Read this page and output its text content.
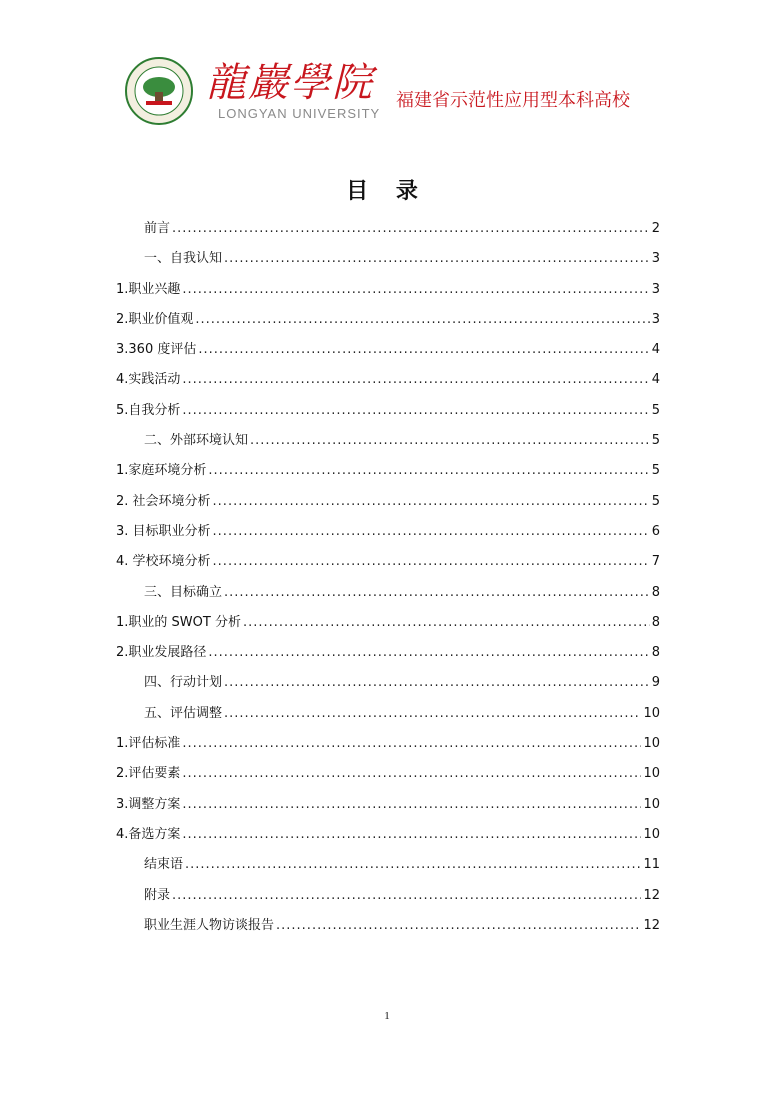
龍巖學院
LONGYAN UNIVERSITY
福建省示范性应用型本科高校
目 录
前言 .....	2
一、自我认知 .....	3
1.职业兴趣 .....	3
2.职业价值观 .....	3
3.360 度评估 .....	4
4.实践活动 .....	4
5.自我分析 .....	5
二、外部环境认知 .....	5
1.家庭环境分析 .....	5
2. 社会环境分析 .....	5
3. 目标职业分析 .....	6
4. 学校环境分析 .....	7
三、目标确立 .....	8
1.职业的 SWOT 分析 .....	8
2.职业发展路径 .....	8
四、行动计划 .....	9
五、评估调整 .....	10
1.评估标准 .....	10
2.评估要素 .....	10
3.调整方案 .....	10
4.备选方案 .....	10
结束语 .....	11
附录 .....	12
职业生涯人物访谈报告 .....	12
1
